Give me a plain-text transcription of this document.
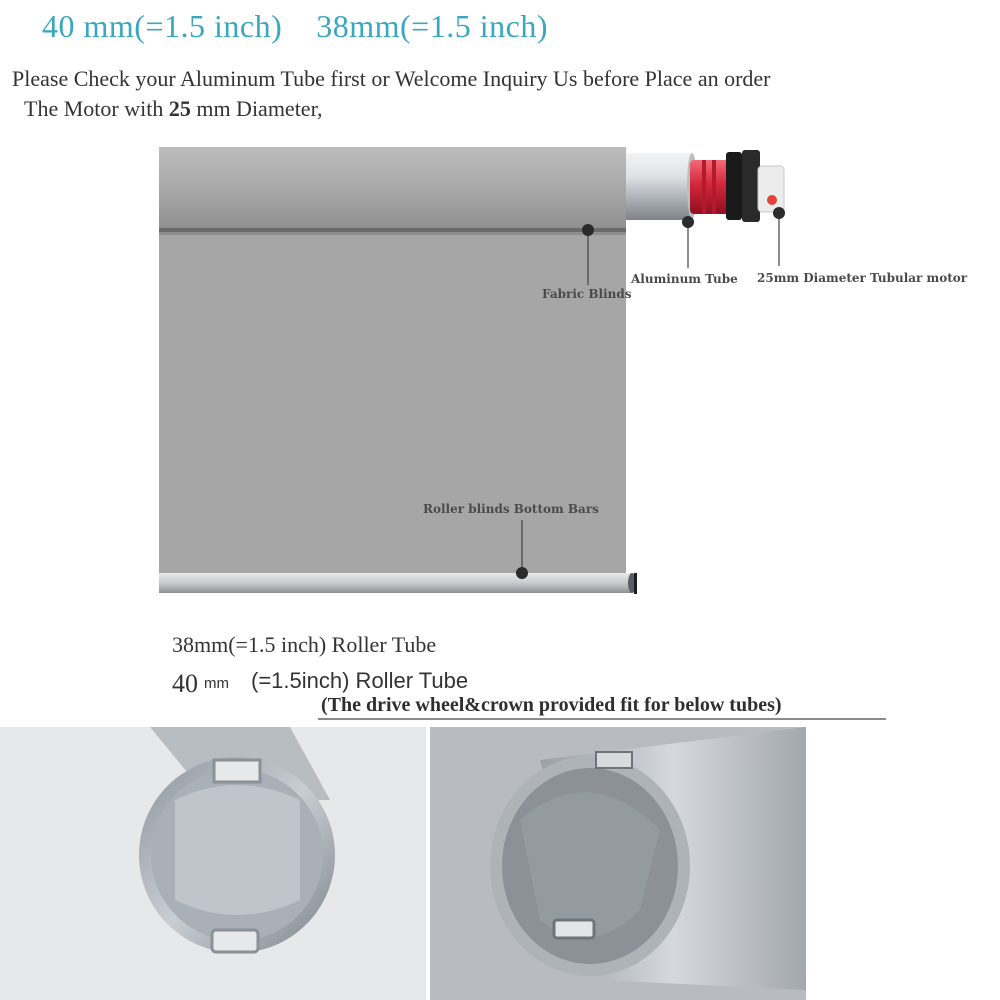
40 mm(=1.5 inch)    38mm(=1.5 inch)
Please Check your Aluminum Tube first or Welcome Inquiry Us before Place an order
The Motor with 25 mm Diameter,
Fabric Blinds
Aluminum Tube 25mm Diameter Tubular motor
Roller blinds Bottom Bars
38mm(=1.5 inch) Roller Tube
40 mm (=1.5inch) Roller Tube
(The drive wheel&crown provided fit for below tubes)
